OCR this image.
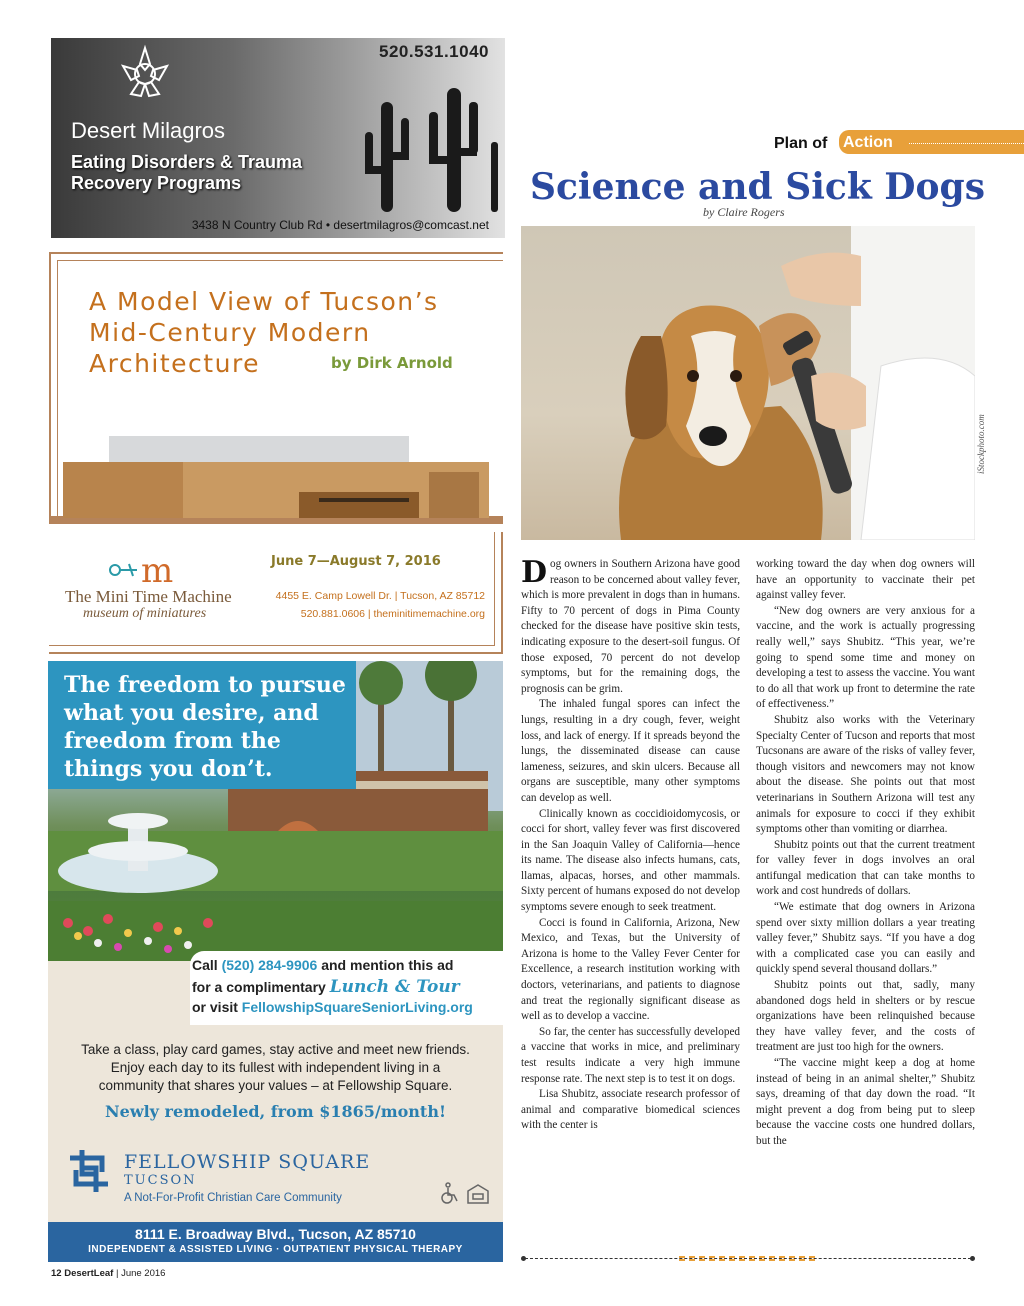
520.531.1040
Desert Milagros
Eating Disorders & Trauma Recovery Programs
3438 N Country Club Rd • desertmilagros@comcast.net
Plan of Action
Science and Sick Dogs
by Claire Rogers
iStockphoto.com
A Model View of Tucson’s
Mid-Century Modern
Architecture	by Dirk Arnold
m
The Mini Time Machine
museum of miniatures
June 7—August 7, 2016
4455 E. Camp Lowell Dr. | Tucson, AZ 85712
520.881.0606 | theminitimemachine.org
The freedom to pursue what you desire, and freedom from the things you don’t.
Call (520) 284-9906 and mention this ad
for a complimentary Lunch & Tour
or visit FellowshipSquareSeniorLiving.org
Take a class, play card games, stay active and meet new friends.
Enjoy each day to its fullest with independent living in a
community that shares your values – at Fellowship Square.
Newly remodeled, from $1865/month!
FELLOWSHIP SQUARE
TUCSON
A Not-For-Profit Christian Care Community
8111 E. Broadway Blvd., Tucson, AZ 85710
INDEPENDENT & ASSISTED LIVING · OUTPATIENT PHYSICAL THERAPY

Dog owners in Southern Arizona have good reason to be concerned about valley fever, which is more prevalent in dogs than in humans. Fifty to 70 percent of dogs in Pima County checked for the disease have positive skin tests, indicating exposure to the desert-soil fungus. Of those exposed, 70 percent do not develop symptoms, but for the remaining dogs, the prognosis can be grim.

The inhaled fungal spores can infect the lungs, resulting in a dry cough, fever, weight loss, and lack of energy. If it spreads beyond the lungs, the disseminated disease can cause lameness, seizures, and skin ulcers. Because all organs are susceptible, many other symptoms can develop as well.

Clinically known as coccidioidomycosis, or cocci for short, valley fever was first discovered in the San Joaquin Valley of California—hence its name. The disease also infects humans, cats, llamas, alpacas, horses, and other mammals. Sixty percent of humans exposed do not develop symptoms severe enough to seek treatment.

Cocci is found in California, Arizona, New Mexico, and Texas, but the University of Arizona is home to the Valley Fever Center for Excellence, a research institution working with doctors, veterinarians, and patients to diagnose and treat the regionally significant disease as well as to develop a vaccine.

So far, the center has successfully developed a vaccine that works in mice, and preliminary test results indicate a very high immune response rate. The next step is to test it on dogs.

Lisa Shubitz, associate research professor of animal and comparative biomedical sciences with the center is

working toward the day when dog owners will have an opportunity to vaccinate their pet against valley fever.

“New dog owners are very anxious for a vaccine, and the work is actually progressing really well,” says Shubitz. “This year, we’re going to spend some time and money on developing a test to assess the vaccine. You want to do all that work up front to determine the rate of effectiveness.”

Shubitz also works with the Veterinary Specialty Center of Tucson and reports that most Tucsonans are aware of the risks of valley fever, though visitors and newcomers may not know about the disease. She points out that most veterinarians in Southern Arizona will test any animals for exposure to cocci if they exhibit symptoms other than vomiting or diarrhea.

Shubitz points out that the current treatment for valley fever in dogs involves an oral antifungal medication that can take months to work and cost hundreds of dollars.

“We estimate that dog owners in Arizona spend over sixty million dollars a year treating valley fever,” Shubitz says. “If you have a dog with a complicated case you can easily and quickly spend several thousand dollars.”

Shubitz points out that, sadly, many abandoned dogs held in shelters or by rescue organizations have been relinquished because they have valley fever, and the costs of treatment are just too high for the owners.

“The vaccine might keep a dog at home instead of being in an animal shelter,” Shubitz says, dreaming of that day down the road. “It might prevent a dog from being put to sleep because the vaccine costs one hundred dollars, but the

12 DesertLeaf | June 2016
